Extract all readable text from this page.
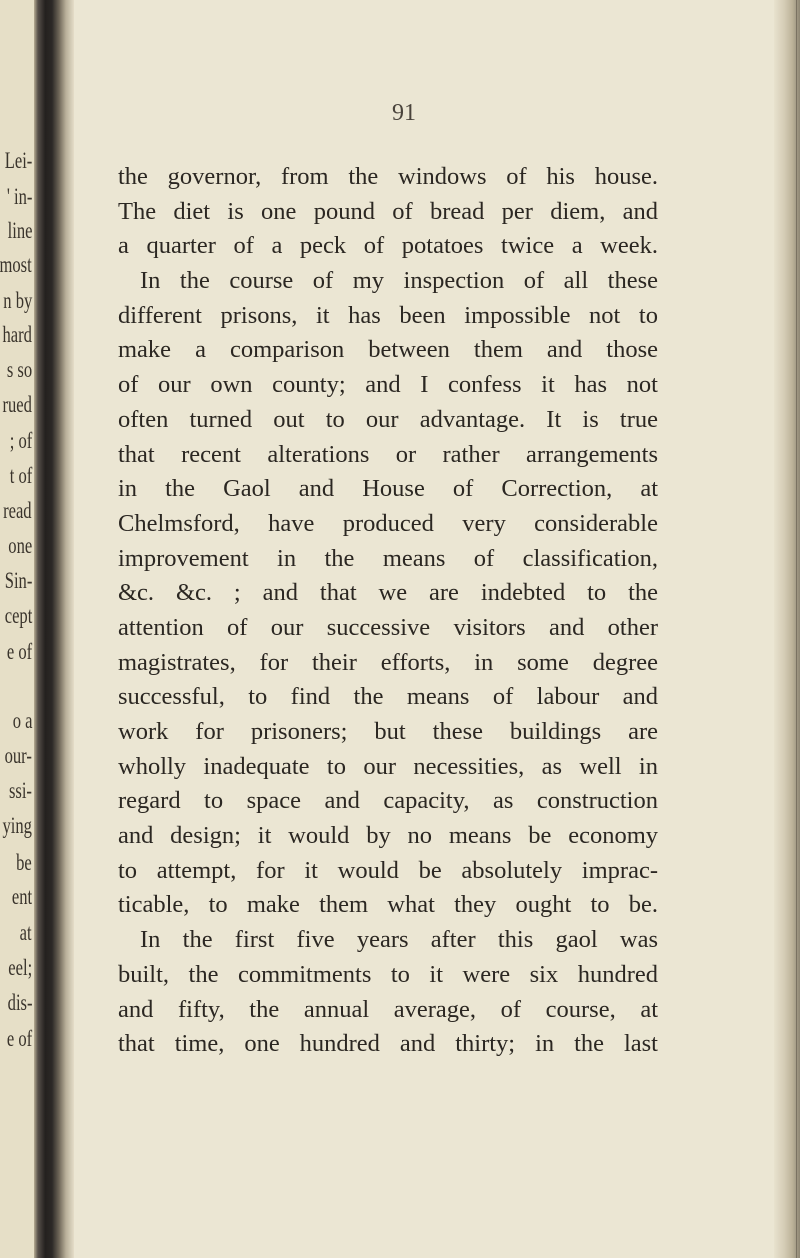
Lei-
' in-
line
most
n by
hard
s so
rued
; of
t of
read
one
Sin-
cept
e of
o a
our-
ssi-
ying
be
ent
at
eel;
dis-
e of
91
the governor, from the windows of his house.
The diet is one pound of bread per diem, and
a quarter of a peck of potatoes twice a week.
In the course of my inspection of all these
different prisons, it has been impossible not to
make a comparison between them and those
of our own county; and I confess it has not
often turned out to our advantage. It is true
that recent alterations or rather arrangements
in the Gaol and House of Correction, at
Chelmsford, have produced very considerable
improvement in the means of classification,
&c. &c. ; and that we are indebted to the
attention of our successive visitors and other
magistrates, for their efforts, in some degree
successful, to find the means of labour and
work for prisoners; but these buildings are
wholly inadequate to our necessities, as well in
regard to space and capacity, as construction
and design; it would by no means be economy
to attempt, for it would be absolutely imprac-
ticable, to make them what they ought to be.
In the first five years after this gaol was
built, the commitments to it were six hundred
and fifty, the annual average, of course, at
that time, one hundred and thirty; in the last
